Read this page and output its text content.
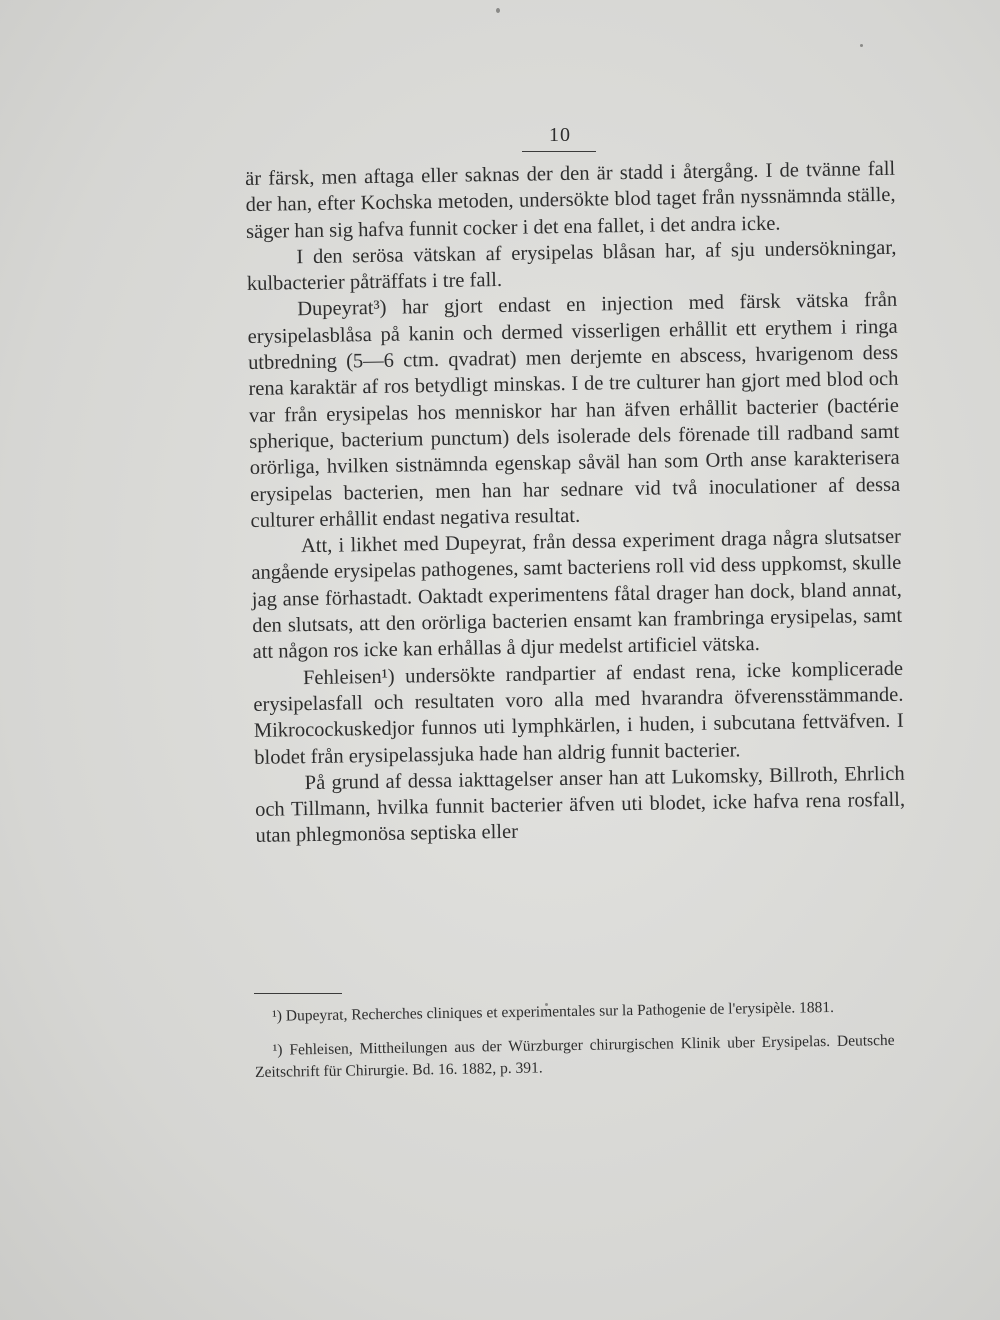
10

är färsk, men aftaga eller saknas der den är stadd i återgång. I de tvänne fall der han, efter Kochska metoden, undersökte blod taget från nyssnämnda ställe, säger han sig hafva funnit cocker i det ena fallet, i det andra icke.

I den serösa vätskan af erysipelas blåsan har, af sju undersökningar, kulbacterier påträffats i tre fall.

Dupeyrat³) har gjort endast en injection med färsk vätska från erysipelasblåsa på kanin och dermed visserligen erhållit ett erythem i ringa utbredning (5—6 ctm. qvadrat) men derjemte en abscess, hvarigenom dess rena karaktär af ros betydligt minskas. I de tre culturer han gjort med blod och var från erysipelas hos menniskor har han äfven erhållit bacterier (bactérie spherique, bacterium punctum) dels isolerade dels förenade till radband samt orörliga, hvilken sistnämnda egenskap såväl han som Orth anse karakterisera erysipelas bacterien, men han har sednare vid två inoculationer af dessa culturer erhållit endast negativa resultat.

Att, i likhet med Dupeyrat, från dessa experiment draga några slutsatser angående erysipelas pathogenes, samt bacteriens roll vid dess uppkomst, skulle jag anse förhastadt. Oaktadt experimentens fåtal drager han dock, bland annat, den slutsats, att den orörliga bacterien ensamt kan frambringa erysipelas, samt att någon ros icke kan erhållas å djur medelst artificiel vätska.

Fehleisen¹) undersökte randpartier af endast rena, icke komplicerade erysipelasfall och resultaten voro alla med hvarandra öfverensstämmande. Mikrocockuskedjor funnos uti lymphkärlen, i huden, i subcutana fettväfven. I blodet från erysipelassjuka hade han aldrig funnit bacterier.

På grund af dessa iakttagelser anser han att Lukomsky, Billroth, Ehrlich och Tillmann, hvilka funnit bacterier äfven uti blodet, icke hafva rena rosfall, utan phlegmonösa septiska eller

¹) Dupeyrat, Recherches cliniques et experimentales sur la Pathogenie de l'erysipèle. 1881.

¹) Fehleisen, Mittheilungen aus der Würzburger chirurgischen Klinik uber Erysipelas. Deutsche Zeitschrift für Chirurgie. Bd. 16. 1882, p. 391.
